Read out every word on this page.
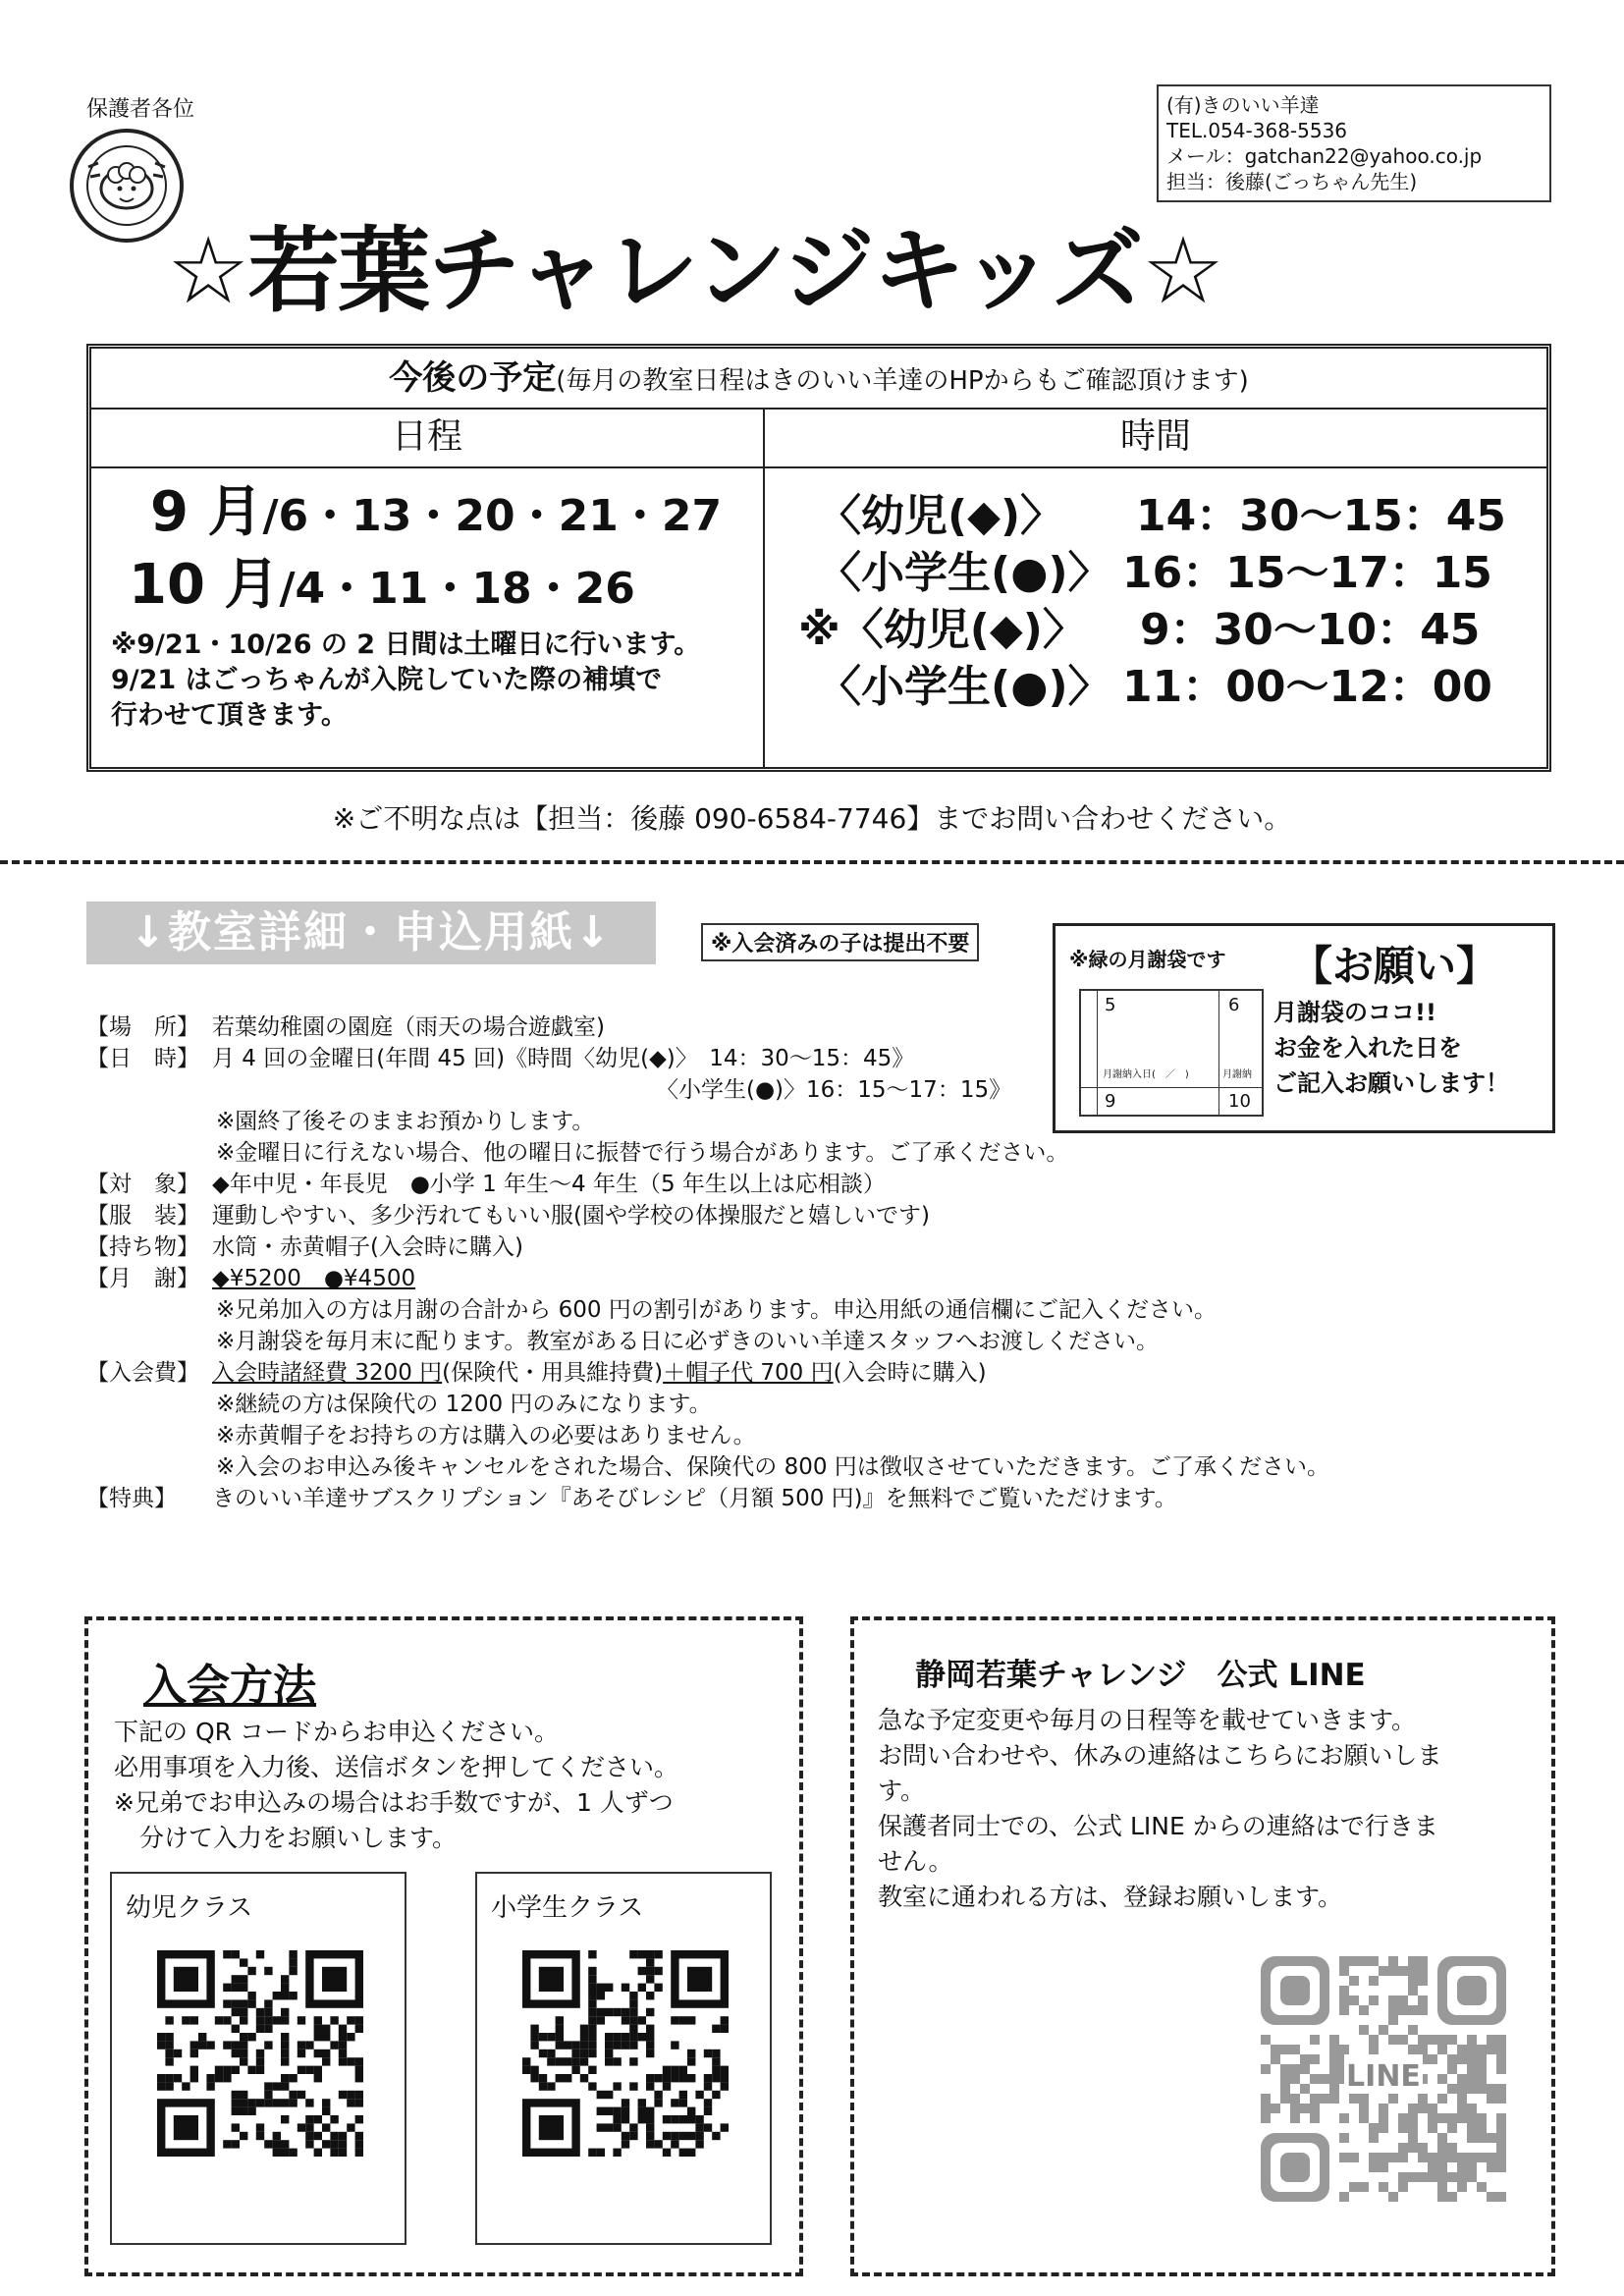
保護者各位	(有)きのいい羊達
TEL.054-368-5536
メール：gatchan22@yahoo.co.jp
担当：後藤(ごっちゃん先生)
☆若葉チャレンジキッズ☆
今後の予定(毎月の教室日程はきのいい羊達のHPからもご確認頂けます)
日程	時間
9 月/6・13・20・21・27
10 月/4・11・18・26
※9/21・10/26 の 2 日間は土曜日に行います。
9/21 はごっちゃんが入院していた際の補填で
行わせて頂きます。
〈幼児(◆)〉	14：30～15：45
〈小学生(●)〉 16：15～17：15
※〈幼児(◆)〉	9：30～10：45
〈小学生(●)〉 11：00～12：00
※ご不明な点は【担当：後藤 090-6584-7746】までお問い合わせください。
↓教室詳細・申込用紙↓	※入会済みの子は提出不要
※緑の月謝袋です 【お願い】
5	6
9	10
月謝納入日(　／　)	月謝納
月謝袋のココ!!
お金を入れた日を
ご記入お願いします！
【場　所】 若葉幼稚園の園庭（雨天の場合遊戯室)
【日　時】 月 4 回の金曜日(年間 45 回)《時間〈幼児(◆)〉　14：30～15：45》
〈小学生(●)〉16：15～17：15》
※園終了後そのままお預かりします。
※金曜日に行えない場合、他の曜日に振替で行う場合があります。ご了承ください。
【対　象】 ◆年中児・年長児　●小学 1 年生～4 年生（5 年生以上は応相談）
【服　装】 運動しやすい、多少汚れてもいい服(園や学校の体操服だと嬉しいです)
【持ち物】 水筒・赤黄帽子(入会時に購入)
【月　謝】 ◆¥5200　●¥4500
※兄弟加入の方は月謝の合計から 600 円の割引があります。申込用紙の通信欄にご記入ください。
※月謝袋を毎月末に配ります。教室がある日に必ずきのいい羊達スタッフへお渡しください。
【入会費】 入会時諸経費 3200 円(保険代・用具維持費)＋帽子代 700 円(入会時に購入)
※継続の方は保険代の 1200 円のみになります。
※赤黄帽子をお持ちの方は購入の必要はありません。
※入会のお申込み後キャンセルをされた場合、保険代の 800 円は徴収させていただきます。ご了承ください。
【特典】 きのいい羊達サブスクリプション『あそびレシピ（月額 500 円)』を無料でご覧いただけます。
入会方法
下記の QR コードからお申込ください。
必用事項を入力後、送信ボタンを押してください。
※兄弟でお申込みの場合はお手数ですが、1 人ずつ
分けて入力をお願いします。
幼児クラス	小学生クラス
静岡若葉チャレンジ　公式 LINE
急な予定変更や毎月の日程等を載せていきます。
お問い合わせや、休みの連絡はこちらにお願いしま
す。
保護者同士での、公式 LINE からの連絡はで行きま
せん。
教室に通われる方は、登録お願いします。
LINE
